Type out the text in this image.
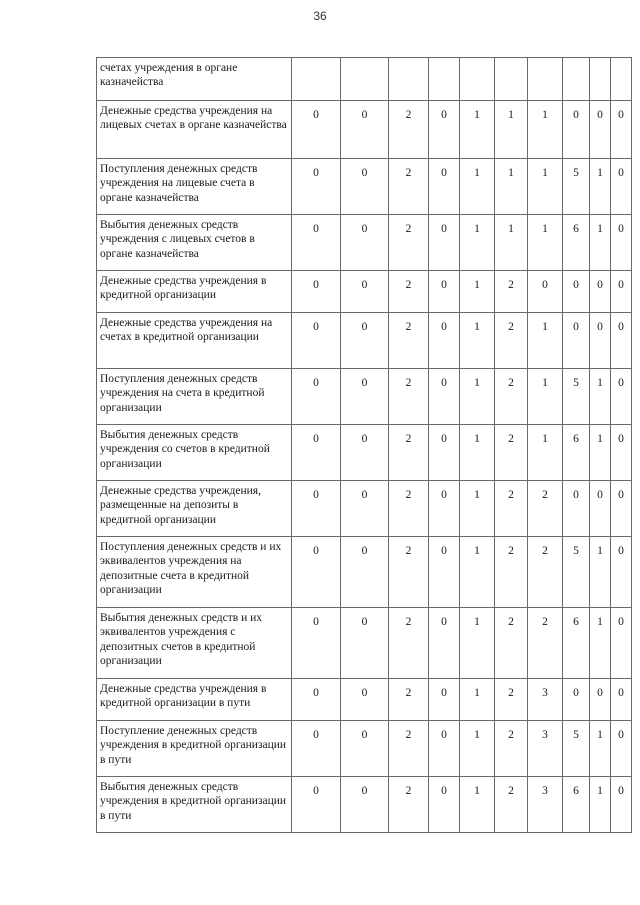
36
счетах учреждения в органе казначейства										
Денежные средства учреждения на лицевых счетах в органе казначейства	0	0	2	0	1	1	1	0	0	0
Поступления денежных средств учреждения на лицевые счета в органе казначейства	0	0	2	0	1	1	1	5	1	0
Выбытия денежных средств учреждения с лицевых счетов в органе казначейства	0	0	2	0	1	1	1	6	1	0
Денежные средства учреждения в кредитной организации	0	0	2	0	1	2	0	0	0	0
Денежные средства учреждения на счетах в кредитной организации	0	0	2	0	1	2	1	0	0	0
Поступления денежных средств учреждения на счета в кредитной организации	0	0	2	0	1	2	1	5	1	0
Выбытия денежных средств учреждения со счетов в кредитной организации	0	0	2	0	1	2	1	6	1	0
Денежные средства учреждения, размещенные на депозиты в кредитной организации	0	0	2	0	1	2	2	0	0	0
Поступления денежных средств и их эквивалентов учреждения на депозитные счета в кредитной организации	0	0	2	0	1	2	2	5	1	0
Выбытия денежных средств и их эквивалентов учреждения с депозитных счетов в кредитной организации	0	0	2	0	1	2	2	6	1	0
Денежные средства учреждения в кредитной организации в пути	0	0	2	0	1	2	3	0	0	0
Поступление денежных средств учреждения в кредитной организации в пути	0	0	2	0	1	2	3	5	1	0
Выбытия денежных средств учреждения в кредитной организации в пути	0	0	2	0	1	2	3	6	1	0
